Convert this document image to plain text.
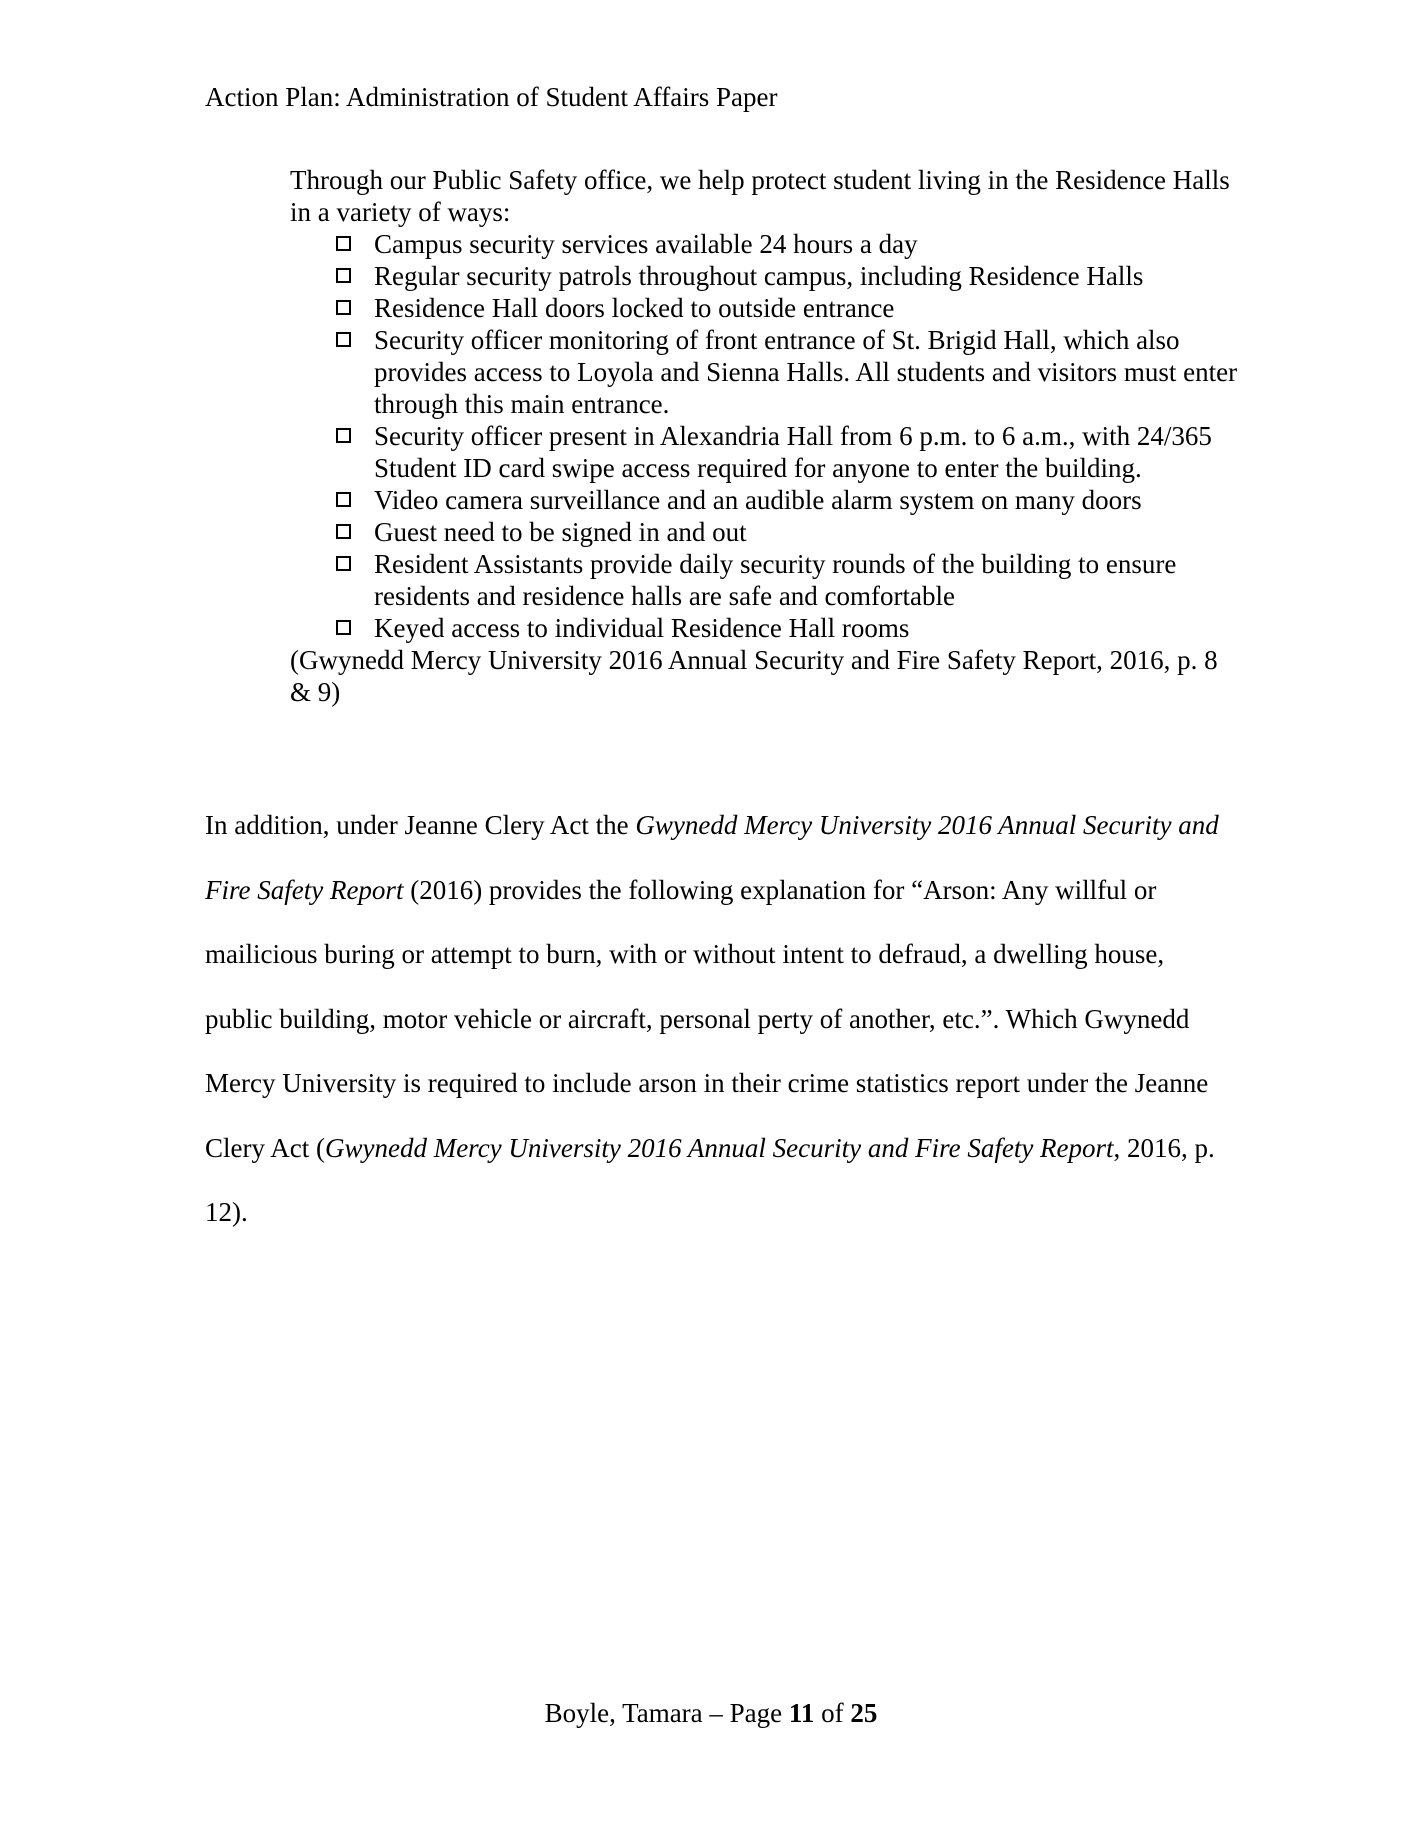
Action Plan: Administration of Student Affairs Paper

Through our Public Safety office, we help protect student living in the Residence Halls in a variety of ways:

Campus security services available 24 hours a day
Regular security patrols throughout campus, including Residence Halls
Residence Hall doors locked to outside entrance
Security officer monitoring of front entrance of St. Brigid Hall, which also provides access to Loyola and Sienna Halls. All students and visitors must enter through this main entrance.
Security officer present in Alexandria Hall from 6 p.m. to 6 a.m., with 24/365 Student ID card swipe access required for anyone to enter the building.
Video camera surveillance and an audible alarm system on many doors
Guest need to be signed in and out
Resident Assistants provide daily security rounds of the building to ensure residents and residence halls are safe and comfortable
Keyed access to individual Residence Hall rooms

(Gwynedd Mercy University 2016 Annual Security and Fire Safety Report, 2016, p. 8 & 9)

In addition, under Jeanne Clery Act the Gwynedd Mercy University 2016 Annual Security and Fire Safety Report (2016) provides the following explanation for “Arson: Any willful or mailicious buring or attempt to burn, with or without intent to defraud, a dwelling house, public building, motor vehicle or aircraft, personal perty of another, etc.”. Which Gwynedd Mercy University is required to include arson in their crime statistics report under the Jeanne Clery Act (Gwynedd Mercy University 2016 Annual Security and Fire Safety Report, 2016, p. 12).

Boyle, Tamara – Page 11 of 25
